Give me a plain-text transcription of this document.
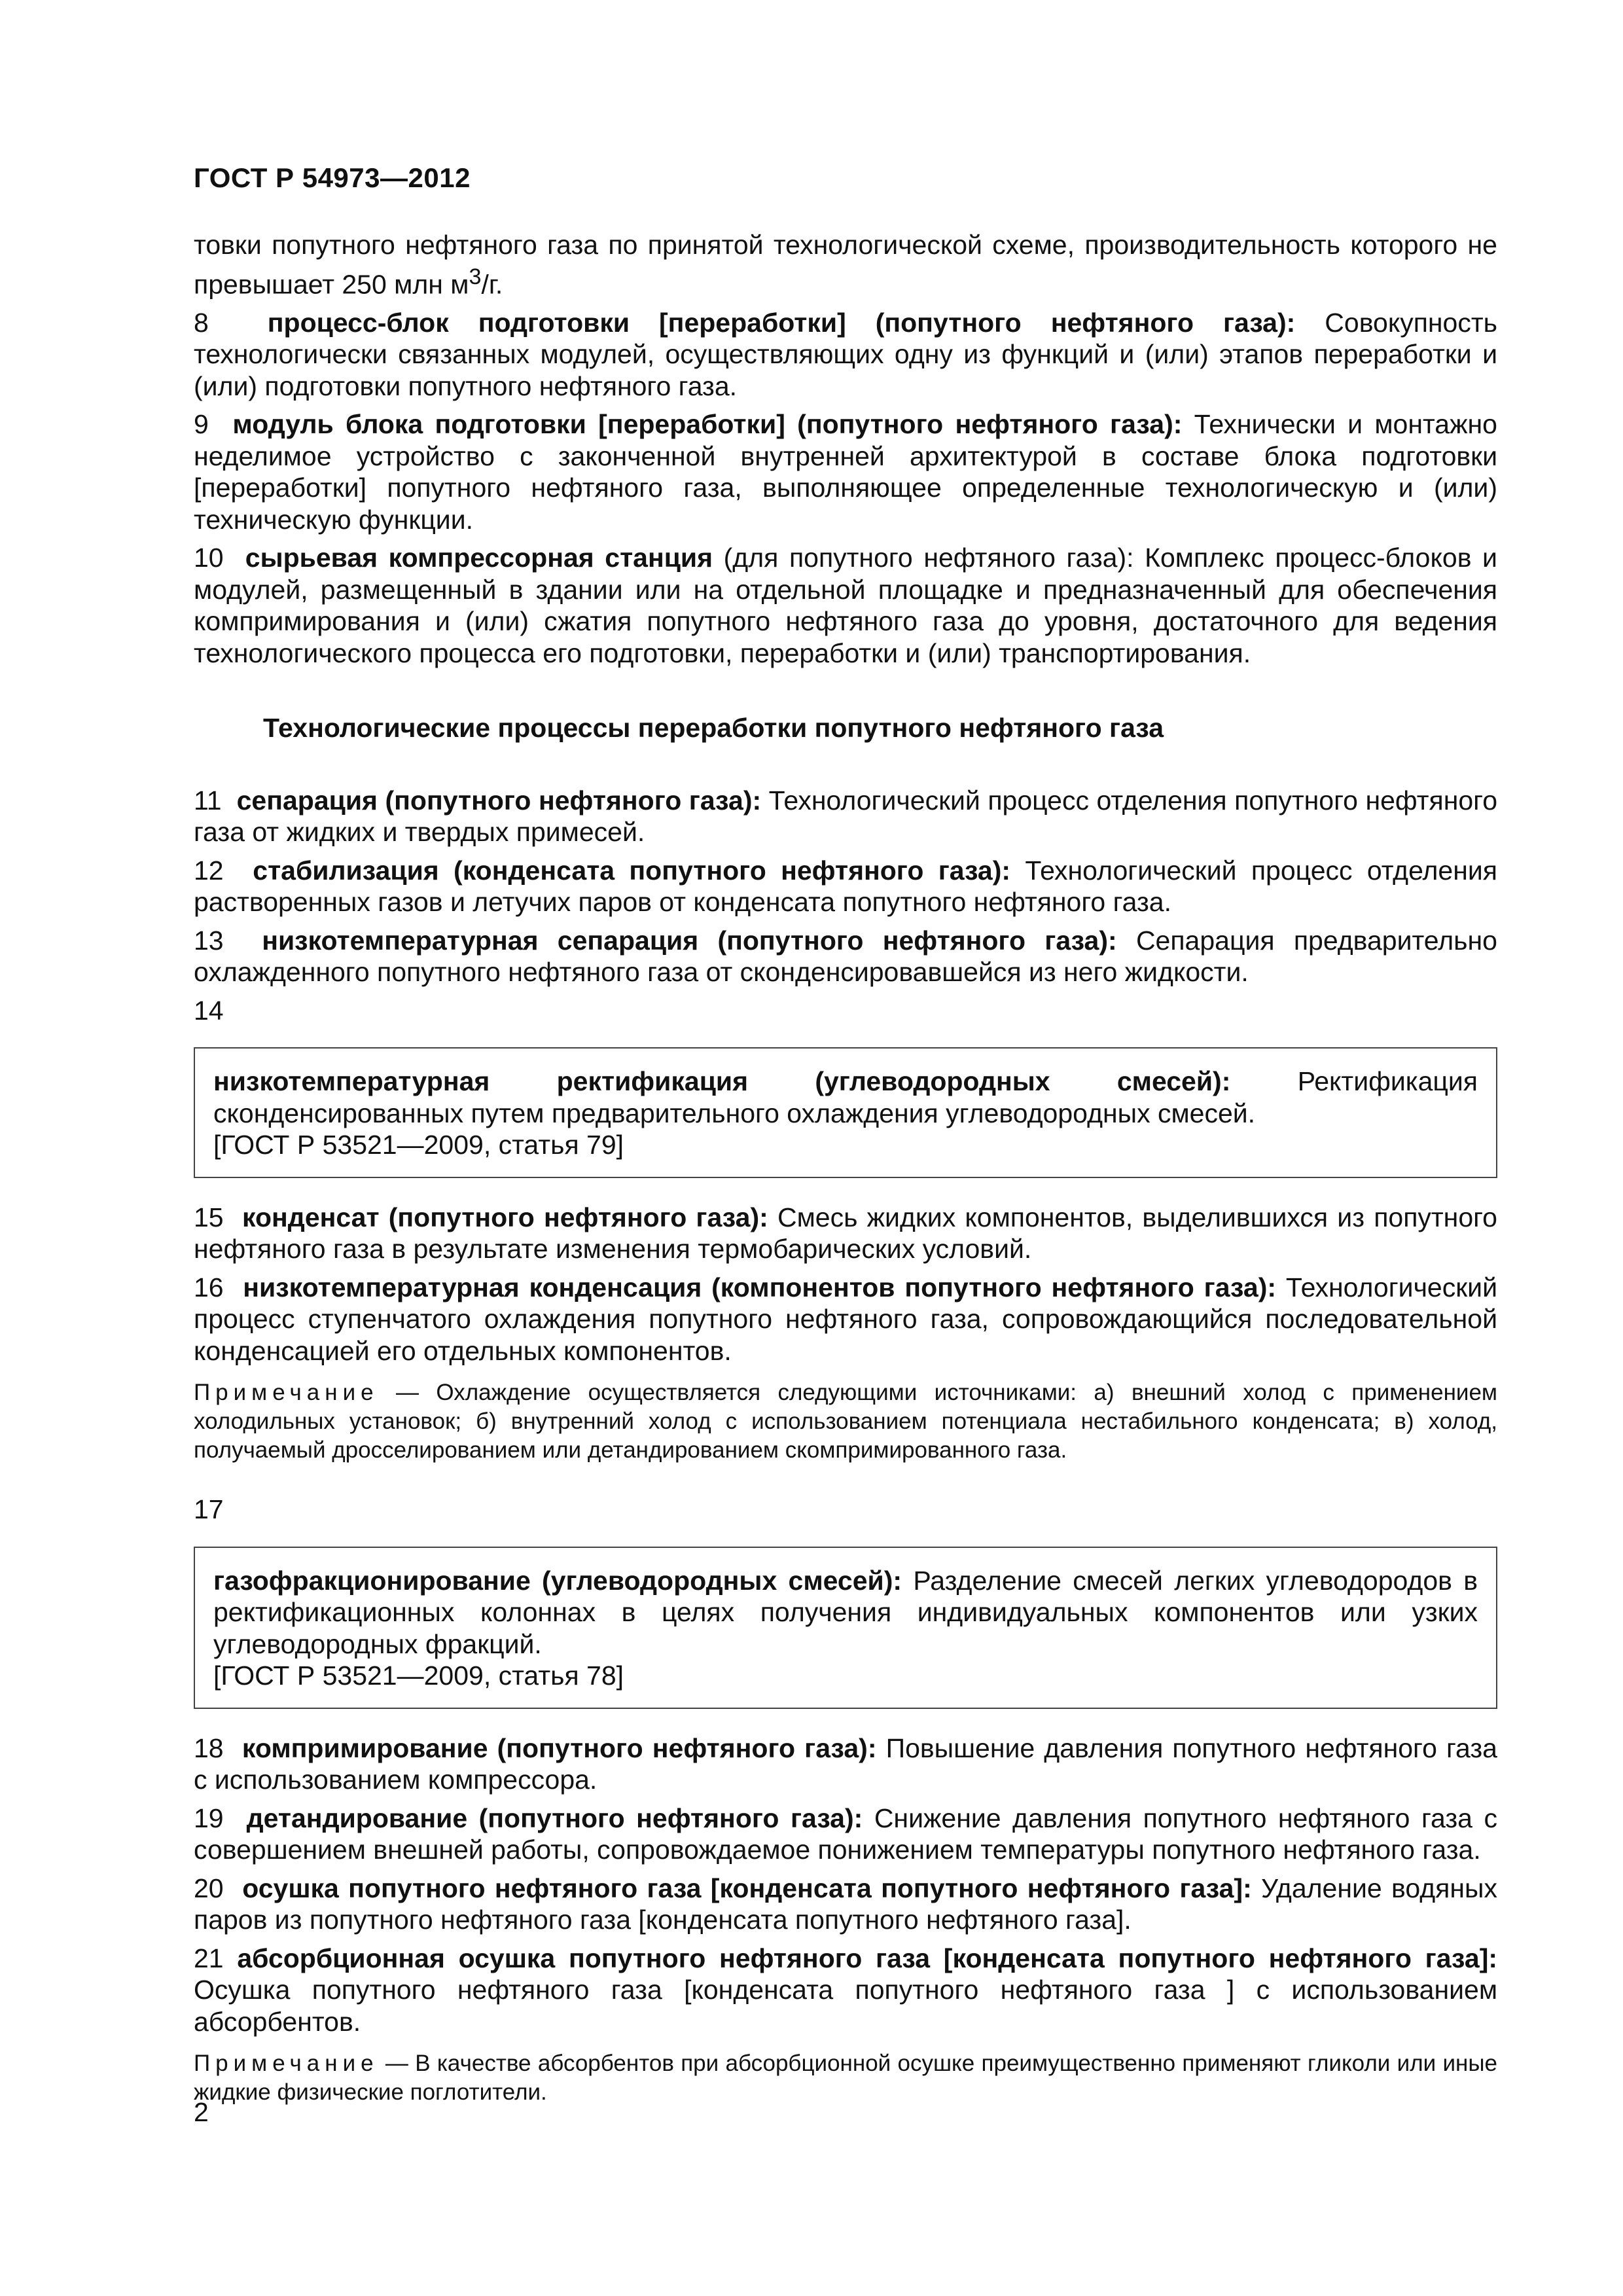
ГОСТ Р 54973—2012

товки попутного нефтяного газа по принятой технологической схеме, производительность которого не превышает 250 млн $м^3/г$.

8 процесс-блок подготовки [переработки] (попутного нефтяного газа): Совокупность технологически связанных модулей, осуществляющих одну из функций и (или) этапов переработки и (или) подготовки попутного нефтяного газа.

9 модуль блока подготовки [переработки] (попутного нефтяного газа): Технически и монтажно неделимое устройство с законченной внутренней архитектурой в составе блока подготовки [переработки] попутного нефтяного газа, выполняющее определенные технологическую и (или) техническую функции.

10 сырьевая компрессорная станция (для попутного нефтяного газа): Комплекс процесс-блоков и модулей, размещенный в здании или на отдельной площадке и предназначенный для обеспечения компримирования и (или) сжатия попутного нефтяного газа до уровня, достаточного для ведения технологического процесса его подготовки, переработки и (или) транспортирования.

Технологические процессы переработки попутного нефтяного газа

11 сепарация (попутного нефтяного газа): Технологический процесс отделения попутного нефтяного газа от жидких и твердых примесей.

12 стабилизация (конденсата попутного нефтяного газа): Технологический процесс отделения растворенных газов и летучих паров от конденсата попутного нефтяного газа.

13 низкотемпературная сепарация (попутного нефтяного газа): Сепарация предварительно охлажденного попутного нефтяного газа от сконденсировавшейся из него жидкости.

14

низкотемпературная ректификация (углеводородных смесей): Ректификация сконденсированных путем предварительного охлаждения углеводородных смесей.

[ГОСТ Р 53521—2009, статья 79]

15 конденсат (попутного нефтяного газа): Смесь жидких компонентов, выделившихся из попутного нефтяного газа в результате изменения термобарических условий.

16 низкотемпературная конденсация (компонентов попутного нефтяного газа): Технологический процесс ступенчатого охлаждения попутного нефтяного газа, сопровождающийся последовательной конденсацией его отдельных компонентов.

Примечание — Охлаждение осуществляется следующими источниками: а) внешний холод с применением холодильных установок; б) внутренний холод с использованием потенциала нестабильного конденсата; в) холод, получаемый дросселированием или детандированием скомпримированного газа.

17

газофракционирование (углеводородных смесей): Разделение смесей легких углеводородов в ректификационных колоннах в целях получения индивидуальных компонентов или узких углеводородных фракций.

[ГОСТ Р 53521—2009, статья 78]

18 компримирование (попутного нефтяного газа): Повышение давления попутного нефтяного газа с использованием компрессора.

19 детандирование (попутного нефтяного газа): Снижение давления попутного нефтяного газа с совершением внешней работы, сопровождаемое понижением температуры попутного нефтяного газа.

20 осушка попутного нефтяного газа [конденсата попутного нефтяного газа]: Удаление водяных паров из попутного нефтяного газа [конденсата попутного нефтяного газа].

21 абсорбционная осушка попутного нефтяного газа [конденсата попутного нефтяного газа]: Осушка попутного нефтяного газа [конденсата попутного нефтяного газа ] с использованием абсорбентов.

Примечание — В качестве абсорбентов при абсорбционной осушке преимущественно применяют гликоли или иные жидкие физические поглотители.

2
